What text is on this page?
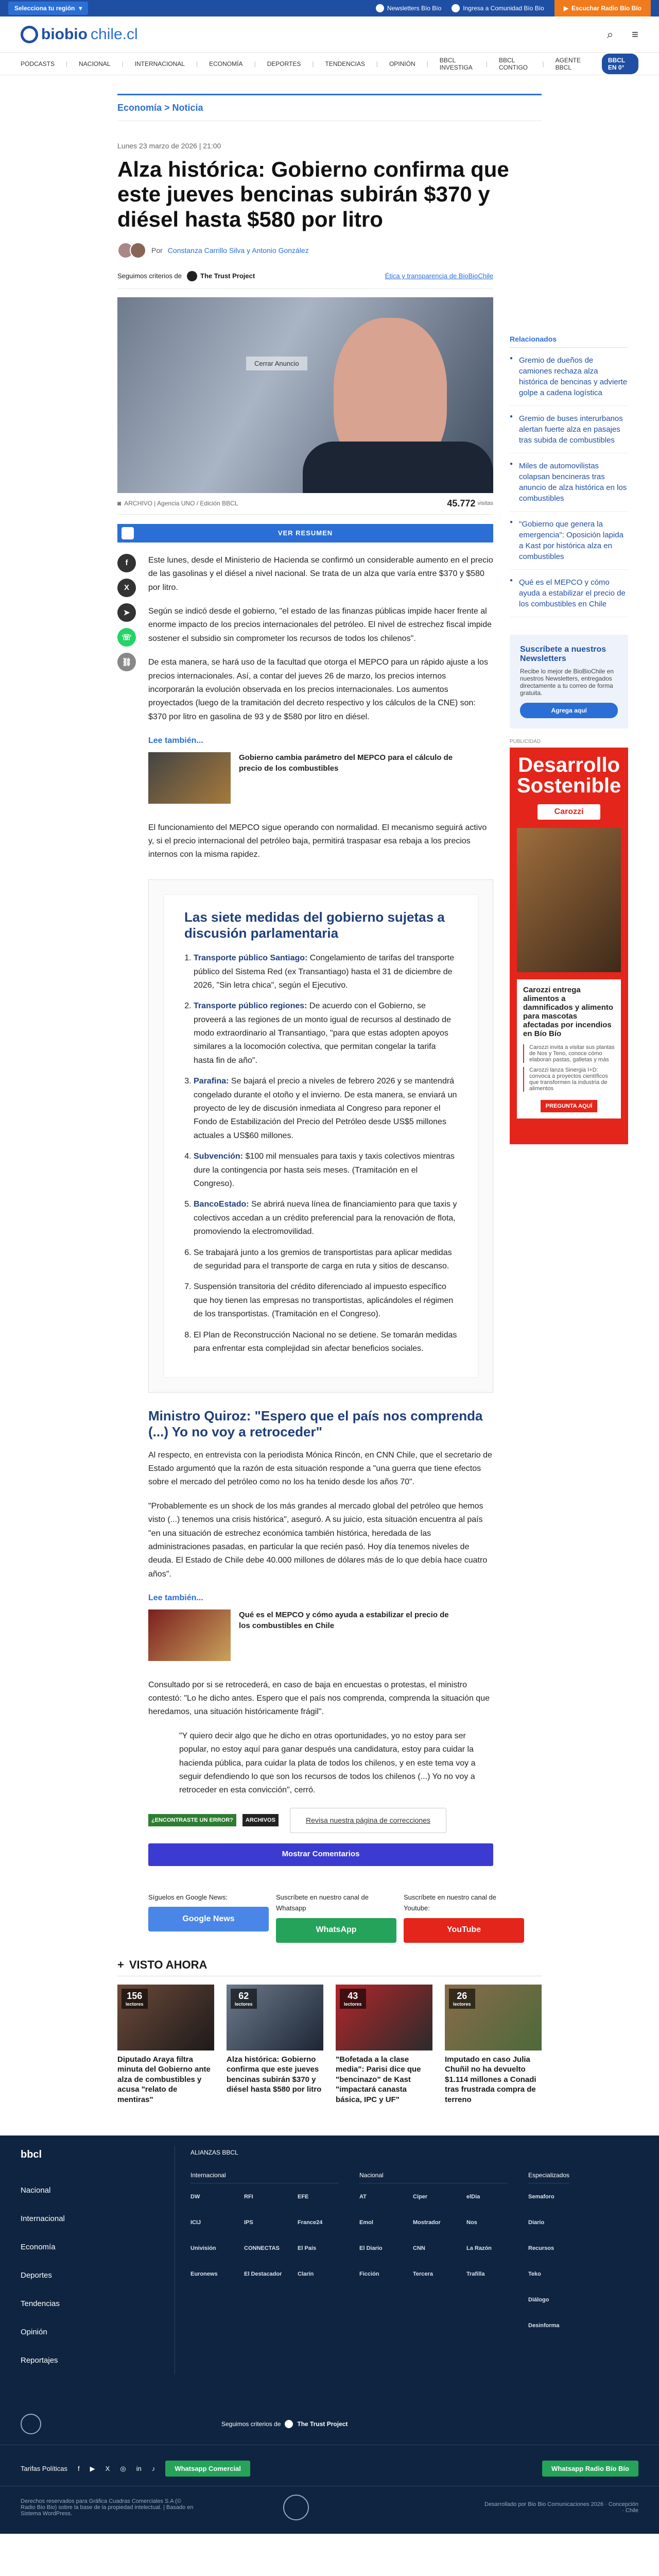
Selecciona tu región ▾	Newsletters Bío Bío	Ingresa a Comunidad Bío Bío	▶ Escuchar Radio Bío Bío
biobio chile.cl	⌕ ≡
PODCASTS | NACIONAL | INTERNACIONAL | ECONOMÍA | DEPORTES | TENDENCIAS | OPINIÓN | BBCL INVESTIGA	| BBCL CONTIGO	| AGENTE BBCL
BBCL EN 0°
Economía > Noticia
Lunes 23 marzo de 2026 | 21:00
Alza histórica: Gobierno confirma que este jueves bencinas subirán $370 y diésel hasta $580 por litro
Por Constanza Carrillo Silva y Antonio González
Seguimos criterios de	The Trust Project	Ética y transparencia de BioBioChile
Cerrar Anuncio
◙ ARCHIVO | Agencia UNO / Edición BBCL	45.772 visitas
VER RESUMEN
f
X
➤
☏
⛓

Este lunes, desde el Ministerio de Hacienda se confirmó un considerable aumento en el precio de las gasolinas y el diésel a nivel nacional. Se trata de un alza que varía entre $370 y $580 por litro.

Según se indicó desde el gobierno, "el estado de las finanzas públicas impide hacer frente al enorme impacto de los precios internacionales del petróleo. El nivel de estrechez fiscal impide sostener el subsidio sin comprometer los recursos de todos los chilenos".

De esta manera, se hará uso de la facultad que otorga el MEPCO para un rápido ajuste a los precios internacionales. Así, a contar del jueves 26 de marzo, los precios internos incorporarán la evolución observada en los precios internacionales. Los aumentos proyectados (luego de la tramitación del decreto respectivo y los cálculos de la CNE) son: $370 por litro en gasolina de 93 y de $580 por litro en diésel.

Lee también...
Gobierno cambia parámetro del MEPCO para el cálculo de precio de los combustibles

El funcionamiento del MEPCO sigue operando con normalidad. El mecanismo seguirá activo y, si el precio internacional del petróleo baja, permitirá traspasar esa rebaja a los precios internos con la misma rapidez.

Las siete medidas del gobierno sujetas a discusión parlamentaria
1. Transporte público Santiago: Congelamiento de tarifas del transporte público del Sistema Red (ex Transantiago) hasta el 31 de diciembre de 2026, "Sin letra chica", según el Ejecutivo.
2. Transporte público regiones: De acuerdo con el Gobierno, se proveerá a las regiones de un monto igual de recursos al destinado de modo extraordinario al Transantiago, "para que estas adopten apoyos similares a la locomoción colectiva, que permitan congelar la tarifa hasta fin de año".
3. Parafina: Se bajará el precio a niveles de febrero 2026 y se mantendrá congelado durante el otoño y el invierno. De esta manera, se enviará un proyecto de ley de discusión inmediata al Congreso para reponer el Fondo de Estabilización del Precio del Petróleo desde US$5 millones actuales a US$60 millones.
4. Subvención: $100 mil mensuales para taxis y taxis colectivos mientras dure la contingencia por hasta seis meses. (Tramitación en el Congreso).
5. BancoEstado: Se abrirá nueva línea de financiamiento para que taxis y colectivos accedan a un crédito preferencial para la renovación de flota, promoviendo la electromovilidad.
6. Se trabajará junto a los gremios de transportistas para aplicar medidas de seguridad para el transporte de carga en ruta y sitios de descanso.
7. Suspensión transitoria del crédito diferenciado al impuesto específico que hoy tienen las empresas no transportistas, aplicándoles el régimen de los transportistas. (Tramitación en el Congreso).
8. El Plan de Reconstrucción Nacional no se detiene. Se tomarán medidas para enfrentar esta complejidad sin afectar beneficios sociales.
Ministro Quiroz: "Espero que el país nos comprenda (...) Yo no voy a retroceder"

Al respecto, en entrevista con la periodista Mónica Rincón, en CNN Chile, que el secretario de Estado argumentó que la razón de esta situación responde a "una guerra que tiene efectos sobre el mercado del petróleo como no los ha tenido desde los años 70".

"Probablemente es un shock de los más grandes al mercado global del petróleo que hemos visto (...) tenemos una crisis histórica", aseguró. A su juicio, esta situación encuentra al país "en una situación de estrechez económica también histórica, heredada de las administraciones pasadas, en particular la que recién pasó. Hoy día tenemos niveles de deuda. El Estado de Chile debe 40.000 millones de dólares más de lo que debía hace cuatro años".

Lee también...
Qué es el MEPCO y cómo ayuda a estabilizar el precio de los combustibles en Chile

Consultado por si se retrocederá, en caso de baja en encuestas o protestas, el ministro contestó: "Lo he dicho antes. Espero que el país nos comprenda, comprenda la situación que heredamos, una situación históricamente frágil".

"Y quiero decir algo que he dicho en otras oportunidades, yo no estoy para ser popular, no estoy aquí para ganar después una candidatura, estoy para cuidar la hacienda pública, para cuidar la plata de todos los chilenos, y en este tema voy a seguir defendiendo lo que son los recursos de todos los chilenos (...) Yo no voy a retroceder en esta convicción", cerró.

¿ENCONTRASTE UN ERROR?	ARCHIVOS	Revisa nuestra página de correcciones
Mostrar Comentarios
Síguelos en Google News:
Google News
Suscríbete en nuestro canal de Whatsapp
WhatsApp
Suscríbete en nuestro canal de Youtube:
YouTube
Relacionados
● Gremio de dueños de camiones rechaza alza histórica de bencinas y advierte golpe a cadena logística
● Gremio de buses interurbanos alertan fuerte alza en pasajes tras subida de combustibles
● Miles de automovilistas colapsan bencineras tras anuncio de alza histórica en los combustibles
● "Gobierno que genera la emergencia": Oposición lapida a Kast por histórica alza en combustibles
● Qué es el MEPCO y cómo ayuda a estabilizar el precio de los combustibles en Chile
Suscríbete a nuestros Newsletters

Recibe lo mejor de BioBioChile en nuestros Newsletters, entregados directamente a tu correo de forma gratuita.

Agrega aquí
PUBLICIDAD
Desarrollo Sostenible
Carozzi
Carozzi entrega alimentos a damnificados y alimento para mascotas afectadas por incendios en Bío Bío
Carozzi invita a visitar sus plantas de Nos y Teno, conoce cómo elaboran pastas, galletas y más
Carozzi lanza Sinergia I+D: convoca a proyectos científicos que transformen la industria de alimentos
PREGUNTA AQUÍ
+ VISTO AHORA
156
lectores
Diputado Araya filtra minuta del Gobierno ante alza de combustibles y acusa "relato de mentiras"
62
lectores
Alza histórica: Gobierno confirma que este jueves bencinas subirán $370 y diésel hasta $580 por litro
43
lectores
"Bofetada a la clase media": Parisi dice que "bencinazo" de Kast "impactará canasta básica, IPC y UF"
26
lectores
Imputado en caso Julia Chuñil no ha devuelto $1.114 millones a Conadi tras frustrada compra de terreno
bbcl
Nacional
Internacional
Economía
Deportes
Tendencias
Opinión
Reportajes
ALIANZAS BBCL
Internacional
DW	RFI	EFE
ICIJ	IPS	France24
Univisión	CONNECTAS	El País
Euronews	El Destacador	Clarín
Nacional
AT	Ciper	elDia
Emol	Mostrador	Nos
El Diario	CNN	La Razón
Ficción	Tercera	Trafilla
Especializados
Semaforo
Diario
Recursos
Teko
Diálogo
Desinforma
Seguimos criterios de	The Trust Project
Tarifas Políticas f ▶ X ◎ in ♪	Whatsapp Comercial	Whatsapp Radio Bío Bío
Derechos reservados para Gráfica Cuadras Comerciales S.A (© Radio Bio Bio) sobre la base de la propiedad intelectual. | Basado en Sistema WordPress.
Desarrollado por Bio Bio Comunicaciones 2026 · Concepción · Chile
